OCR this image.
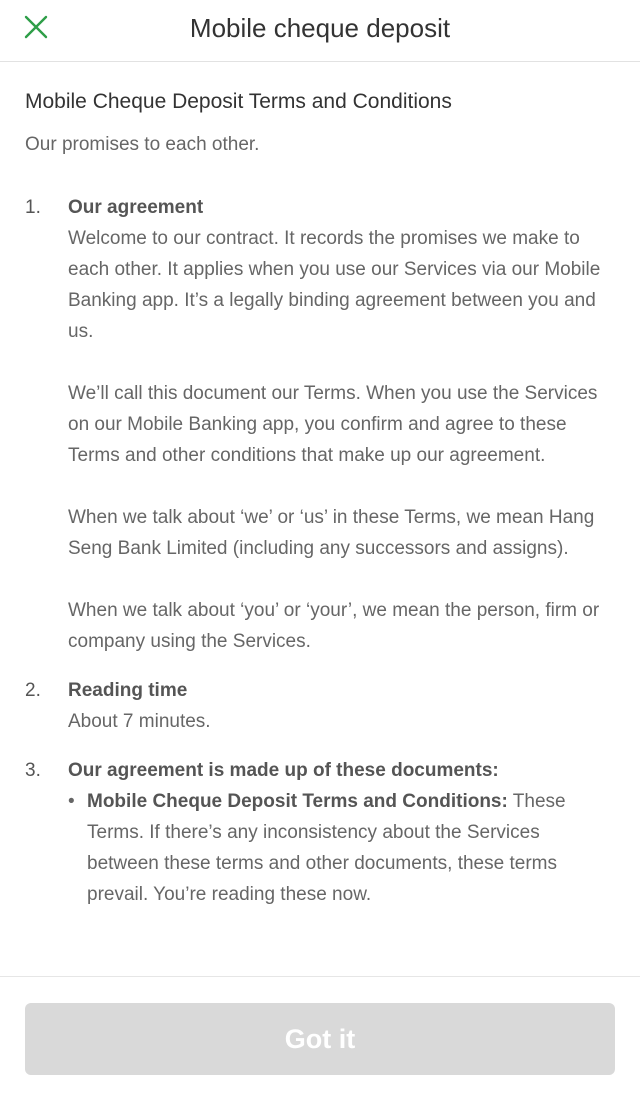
Mobile cheque deposit
Mobile Cheque Deposit Terms and Conditions
Our promises to each other.
1.	Our agreement
Welcome to our contract. It records the promises we make to each other. It applies when you use our Services via our Mobile Banking app. It’s a legally binding agreement between you and us.
We’ll call this document our Terms. When you use the Services on our Mobile Banking app, you confirm and agree to these Terms and other conditions that make up our agreement.
When we talk about ‘we’ or ‘us’ in these Terms, we mean Hang Seng Bank Limited (including any successors and assigns).
When we talk about ‘you’ or ‘your’, we mean the person, firm or company using the Services.
2.	Reading time
About 7 minutes.
3.	Our agreement is made up of these documents:
• Mobile Cheque Deposit Terms and Conditions: These Terms. If there’s any inconsistency about the Services between these terms and other documents, these terms prevail. You’re reading these now.
Got it
